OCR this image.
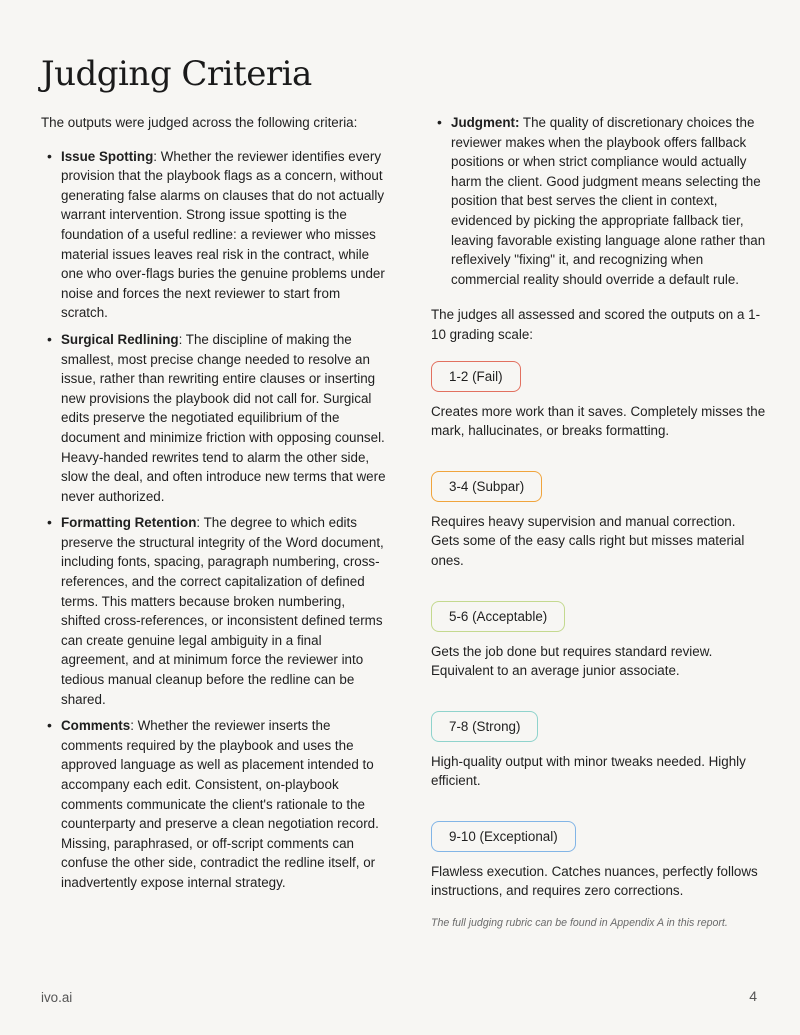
Judging Criteria

The outputs were judged across the following criteria:

• Issue Spotting: Whether the reviewer identifies every provision that the playbook flags as a concern, without generating false alarms on clauses that do not actually warrant intervention. Strong issue spotting is the foundation of a useful redline: a reviewer who misses material issues leaves real risk in the contract, while one who over-flags buries the genuine problems under noise and forces the next reviewer to start from scratch.
• Surgical Redlining: The discipline of making the smallest, most precise change needed to resolve an issue, rather than rewriting entire clauses or inserting new provisions the playbook did not call for. Surgical edits preserve the negotiated equilibrium of the document and minimize friction with opposing counsel. Heavy-handed rewrites tend to alarm the other side, slow the deal, and often introduce new terms that were never authorized.
• Formatting Retention: The degree to which edits preserve the structural integrity of the Word document, including fonts, spacing, paragraph numbering, cross-references, and the correct capitalization of defined terms. This matters because broken numbering, shifted cross-references, or inconsistent defined terms can create genuine legal ambiguity in a final agreement, and at minimum force the reviewer into tedious manual cleanup before the redline can be shared.
• Comments: Whether the reviewer inserts the comments required by the playbook and uses the approved language as well as placement intended to accompany each edit. Consistent, on-playbook comments communicate the client's rationale to the counterparty and preserve a clean negotiation record. Missing, paraphrased, or off-script comments can confuse the other side, contradict the redline itself, or inadvertently expose internal strategy.
• Judgment: The quality of discretionary choices the reviewer makes when the playbook offers fallback positions or when strict compliance would actually harm the client. Good judgment means selecting the position that best serves the client in context, evidenced by picking the appropriate fallback tier, leaving favorable existing language alone rather than reflexively "fixing" it, and recognizing when commercial reality should override a default rule.

The judges all assessed and scored the outputs on a 1-10 grading scale:

1-2 (Fail)

Creates more work than it saves. Completely misses the mark, hallucinates, or breaks formatting.

3-4 (Subpar)

Requires heavy supervision and manual correction. Gets some of the easy calls right but misses material ones.

5-6 (Acceptable)

Gets the job done but requires standard review. Equivalent to an average junior associate.

7-8 (Strong)

High-quality output with minor tweaks needed. Highly efficient.

9-10 (Exceptional)

Flawless execution. Catches nuances, perfectly follows instructions, and requires zero corrections.

The full judging rubric can be found in Appendix A in this report.

ivo.ai	4
